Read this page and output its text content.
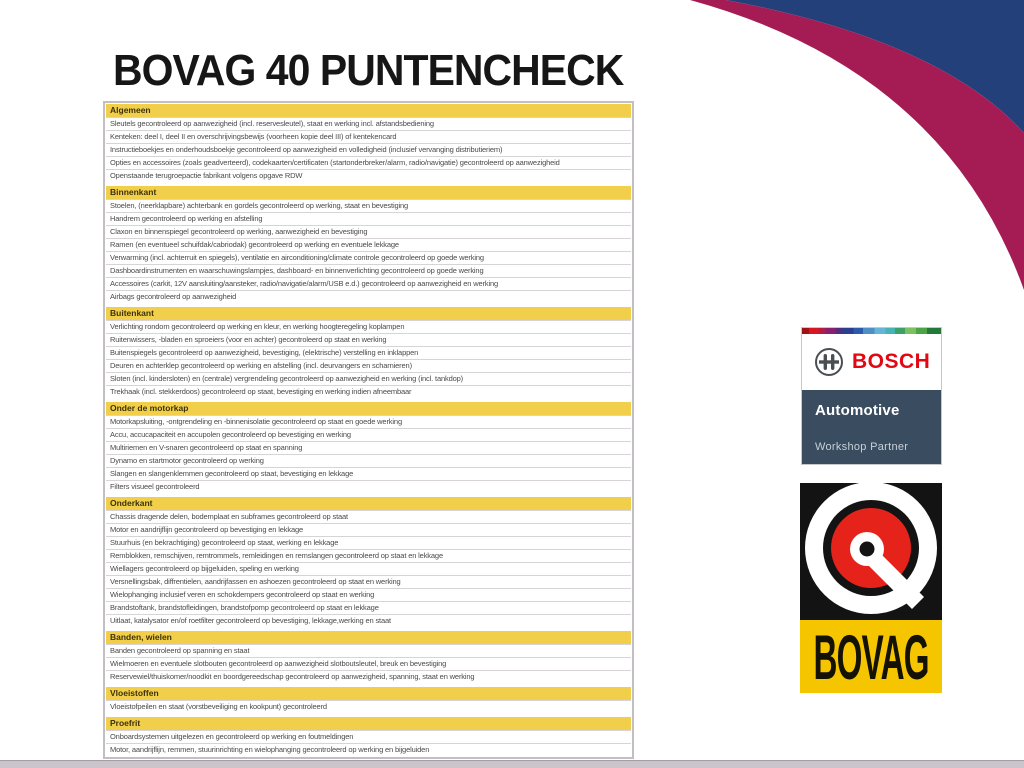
BOVAG 40 PUNTENCHECK
Algemeen
Sleutels gecontroleerd op aanwezigheid (incl. reservesleutel), staat en werking incl. afstandsbediening
Kenteken: deel I, deel II en overschrijvingsbewijs (voorheen kopie deel III) of kentekencard
Instructieboekjes en onderhoudsboekje gecontroleerd op aanwezigheid en volledigheid (inclusief vervanging distributieriem)
Opties en accessoires (zoals geadverteerd), codekaarten/certificaten (startonderbreker/alarm, radio/navigatie) gecontroleerd op aanwezigheid
Openstaande terugroepactie fabrikant volgens opgave RDW
Binnenkant
Stoelen, (neerklapbare) achterbank en gordels gecontroleerd op werking, staat en bevestiging
Handrem gecontroleerd op werking en afstelling
Claxon en binnenspiegel gecontroleerd op werking, aanwezigheid en bevestiging
Ramen (en eventueel schuifdak/cabriodak) gecontroleerd op werking en eventuele lekkage
Verwarming (incl. achterruit en spiegels), ventilatie en airconditioning/climate controle gecontroleerd op goede werking
Dashboardinstrumenten en waarschuwingslampjes, dashboard- en binnenverlichting gecontroleerd op goede werking
Accessoires (carkit, 12V aansluiting/aansteker, radio/navigatie/alarm/USB e.d.) gecontroleerd op aanwezigheid en werking
Airbags gecontroleerd op aanwezigheid
Buitenkant
Verlichting rondom gecontroleerd op werking en kleur, en werking hoogteregeling koplampen
Ruitenwissers, -bladen en sproeiers (voor en achter) gecontroleerd op staat en werking
Buitenspiegels gecontroleerd op aanwezigheid, bevestiging, (elektrische) verstelling en inklappen
Deuren en achterklep gecontroleerd op werking en afstelling (incl. deurvangers en scharnieren)
Sloten (incl. kindersloten) en (centrale) vergrendeling gecontroleerd op aanwezigheid en werking (incl. tankdop)
Trekhaak (incl. stekkerdoos) gecontroleerd op staat, bevestiging en werking indien afneembaar
Onder de motorkap
Motorkapsluiting, -ontgrendeling en -binnenisolatie gecontroleerd op staat en goede werking
Accu, accucapaciteit en accupolen gecontroleerd op bevestiging en werking
Multiriemen en V-snaren gecontroleerd op staat en spanning
Dynamo en startmotor gecontroleerd op werking
Slangen en slangenklemmen gecontroleerd op staat, bevestiging en lekkage
Filters visueel gecontroleerd
Onderkant
Chassis dragende delen, bodemplaat en subframes gecontroleerd op staat
Motor en aandrijflijn gecontroleerd op bevestiging en lekkage
Stuurhuis (en bekrachtiging) gecontroleerd op staat, werking en lekkage
Remblokken, remschijven, remtrommels, remleidingen en remslangen gecontroleerd op staat en lekkage
Wiellagers gecontroleerd op bijgeluiden, speling en werking
Versnellingsbak, diffrentielen, aandrijfassen en ashoezen gecontroleerd op staat en werking
Wielophanging inclusief veren en schokdempers gecontroleerd op staat en werking
Brandstoftank, brandstofleidingen, brandstofpomp gecontroleerd op staat en lekkage
Uitlaat, katalysator en/of roetfilter gecontroleerd op bevestiging, lekkage,werking en staat
Banden, wielen
Banden gecontroleerd op spanning en staat
Wielmoeren en eventuele slotbouten gecontroleerd op aanwezigheid slotboutsleutel, breuk en bevestiging
Reservewiel/thuiskomer/noodkit en boordgereedschap gecontroleerd op aanwezigheid, spanning, staat en werking
Vloeistoffen
Vloeistofpeilen en staat (vorstbeveiliging en kookpunt) gecontroleerd
Proefrit
Onboardsystemen uitgelezen en gecontroleerd op werking en foutmeldingen
Motor, aandrijflijn, remmen, stuurinrichting en wielophanging gecontroleerd op werking en bijgeluiden
BOSCH
Automotive
Workshop Partner
BOVAG
